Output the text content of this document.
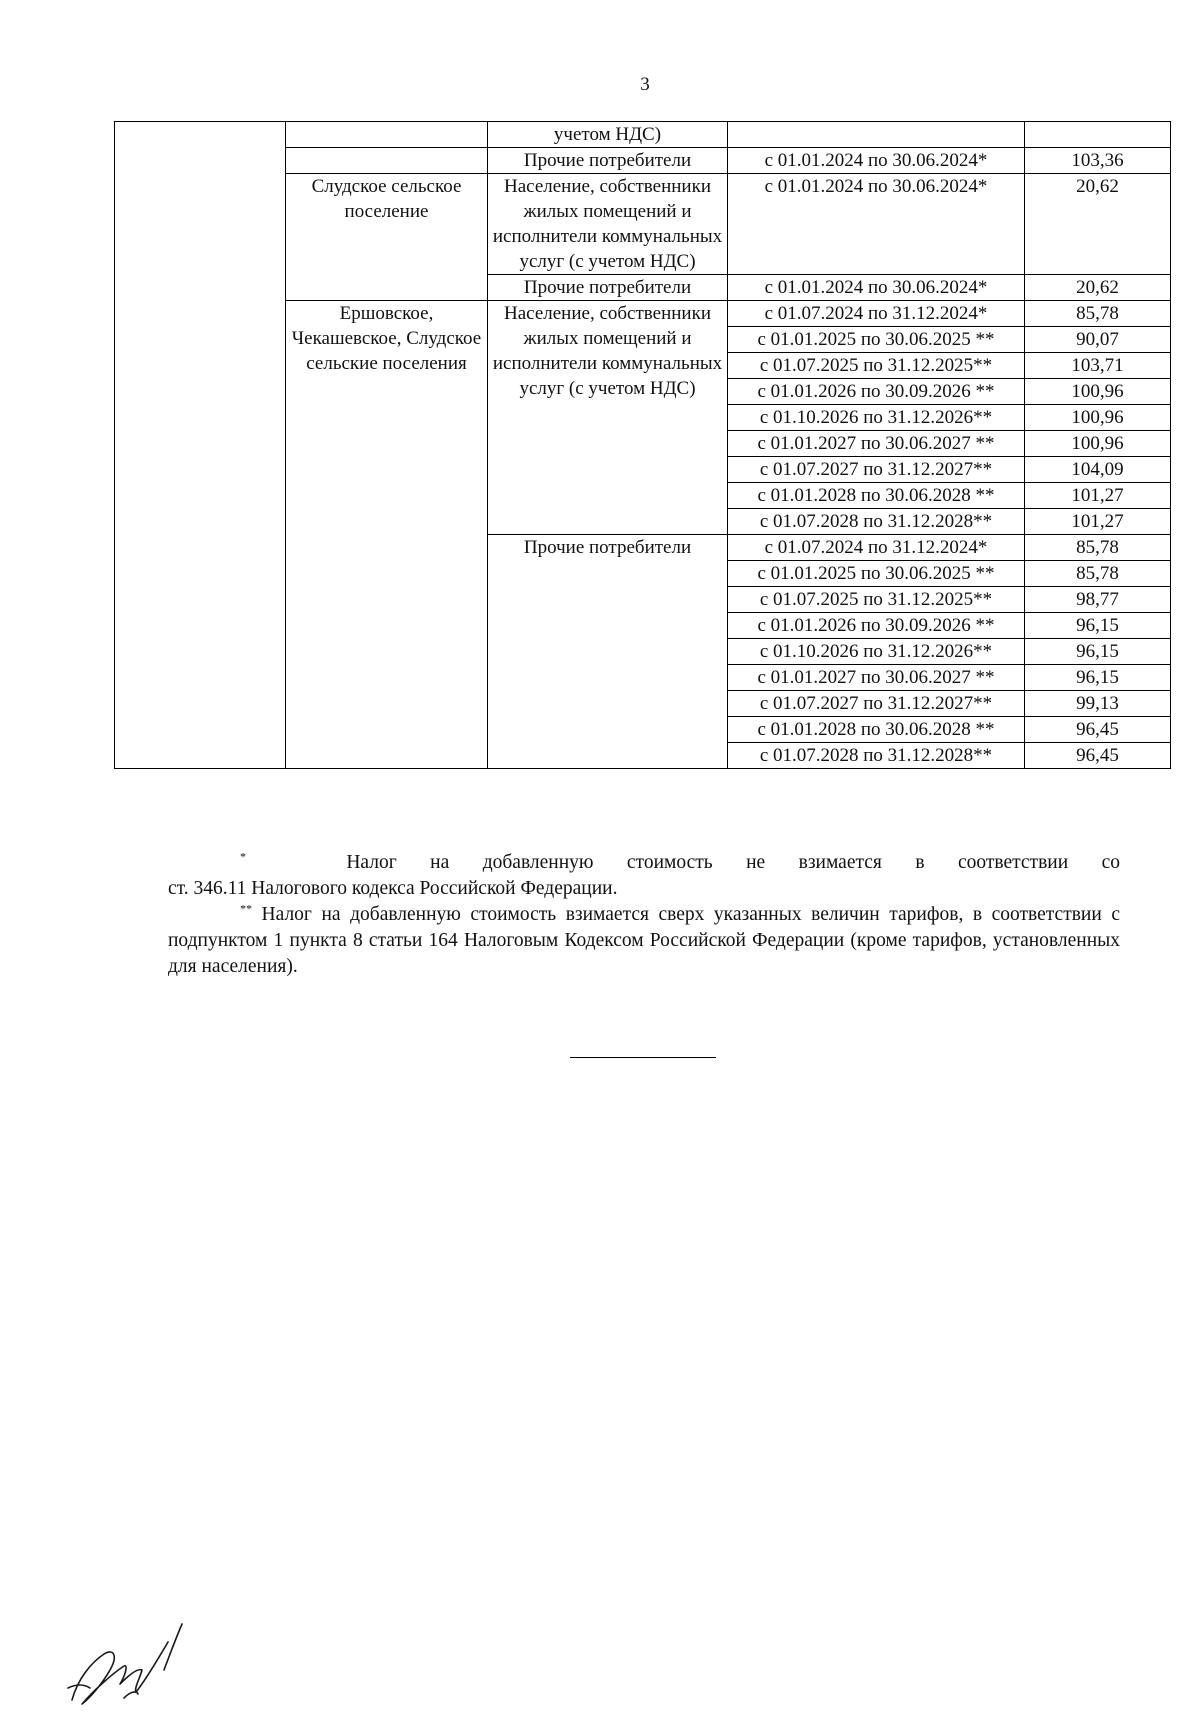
3
		учетом НДС)		
		Прочие потребители	с 01.01.2024 по 30.06.2024*	103,36
	Слудское сельское поселение	Население, собственники жилых помещений и исполнители коммунальных услуг (с учетом НДС)	с 01.01.2024 по 30.06.2024*	20,62
		Прочие потребители	с 01.01.2024 по 30.06.2024*	20,62
	Ершовское, Чекашевское, Слудское сельские поселения	Население, собственники жилых помещений и исполнители коммунальных услуг (с учетом НДС)	с 01.07.2024 по 31.12.2024*	85,78
			с 01.01.2025 по 30.06.2025 **	90,07
			с 01.07.2025 по 31.12.2025**	103,71
			с 01.01.2026 по 30.09.2026 **	100,96
			с 01.10.2026 по 31.12.2026**	100,96
			с 01.01.2027 по 30.06.2027 **	100,96
			с 01.07.2027 по 31.12.2027**	104,09
			с 01.01.2028 по 30.06.2028 **	101,27
			с 01.07.2028 по 31.12.2028**	101,27
		Прочие потребители	с 01.07.2024 по 31.12.2024*	85,78
			с 01.01.2025 по 30.06.2025 **	85,78
			с 01.07.2025 по 31.12.2025**	98,77
			с 01.01.2026 по 30.09.2026 **	96,15
			с 01.10.2026 по 31.12.2026**	96,15
			с 01.01.2027 по 30.06.2027 **	96,15
			с 01.07.2027 по 31.12.2027**	99,13
			с 01.01.2028 по 30.06.2028 **	96,45
			с 01.07.2028 по 31.12.2028**	96,45

*	Налог на добавленную стоимость не взимается в соответствии со

ст. 346.11 Налогового кодекса Российской Федерации.

** Налог на добавленную стоимость взимается сверх указанных величин тарифов, в соответствии с подпунктом 1 пункта 8 статьи 164 Налоговым Кодексом Российской Федерации (кроме тарифов, установленных для населения).
